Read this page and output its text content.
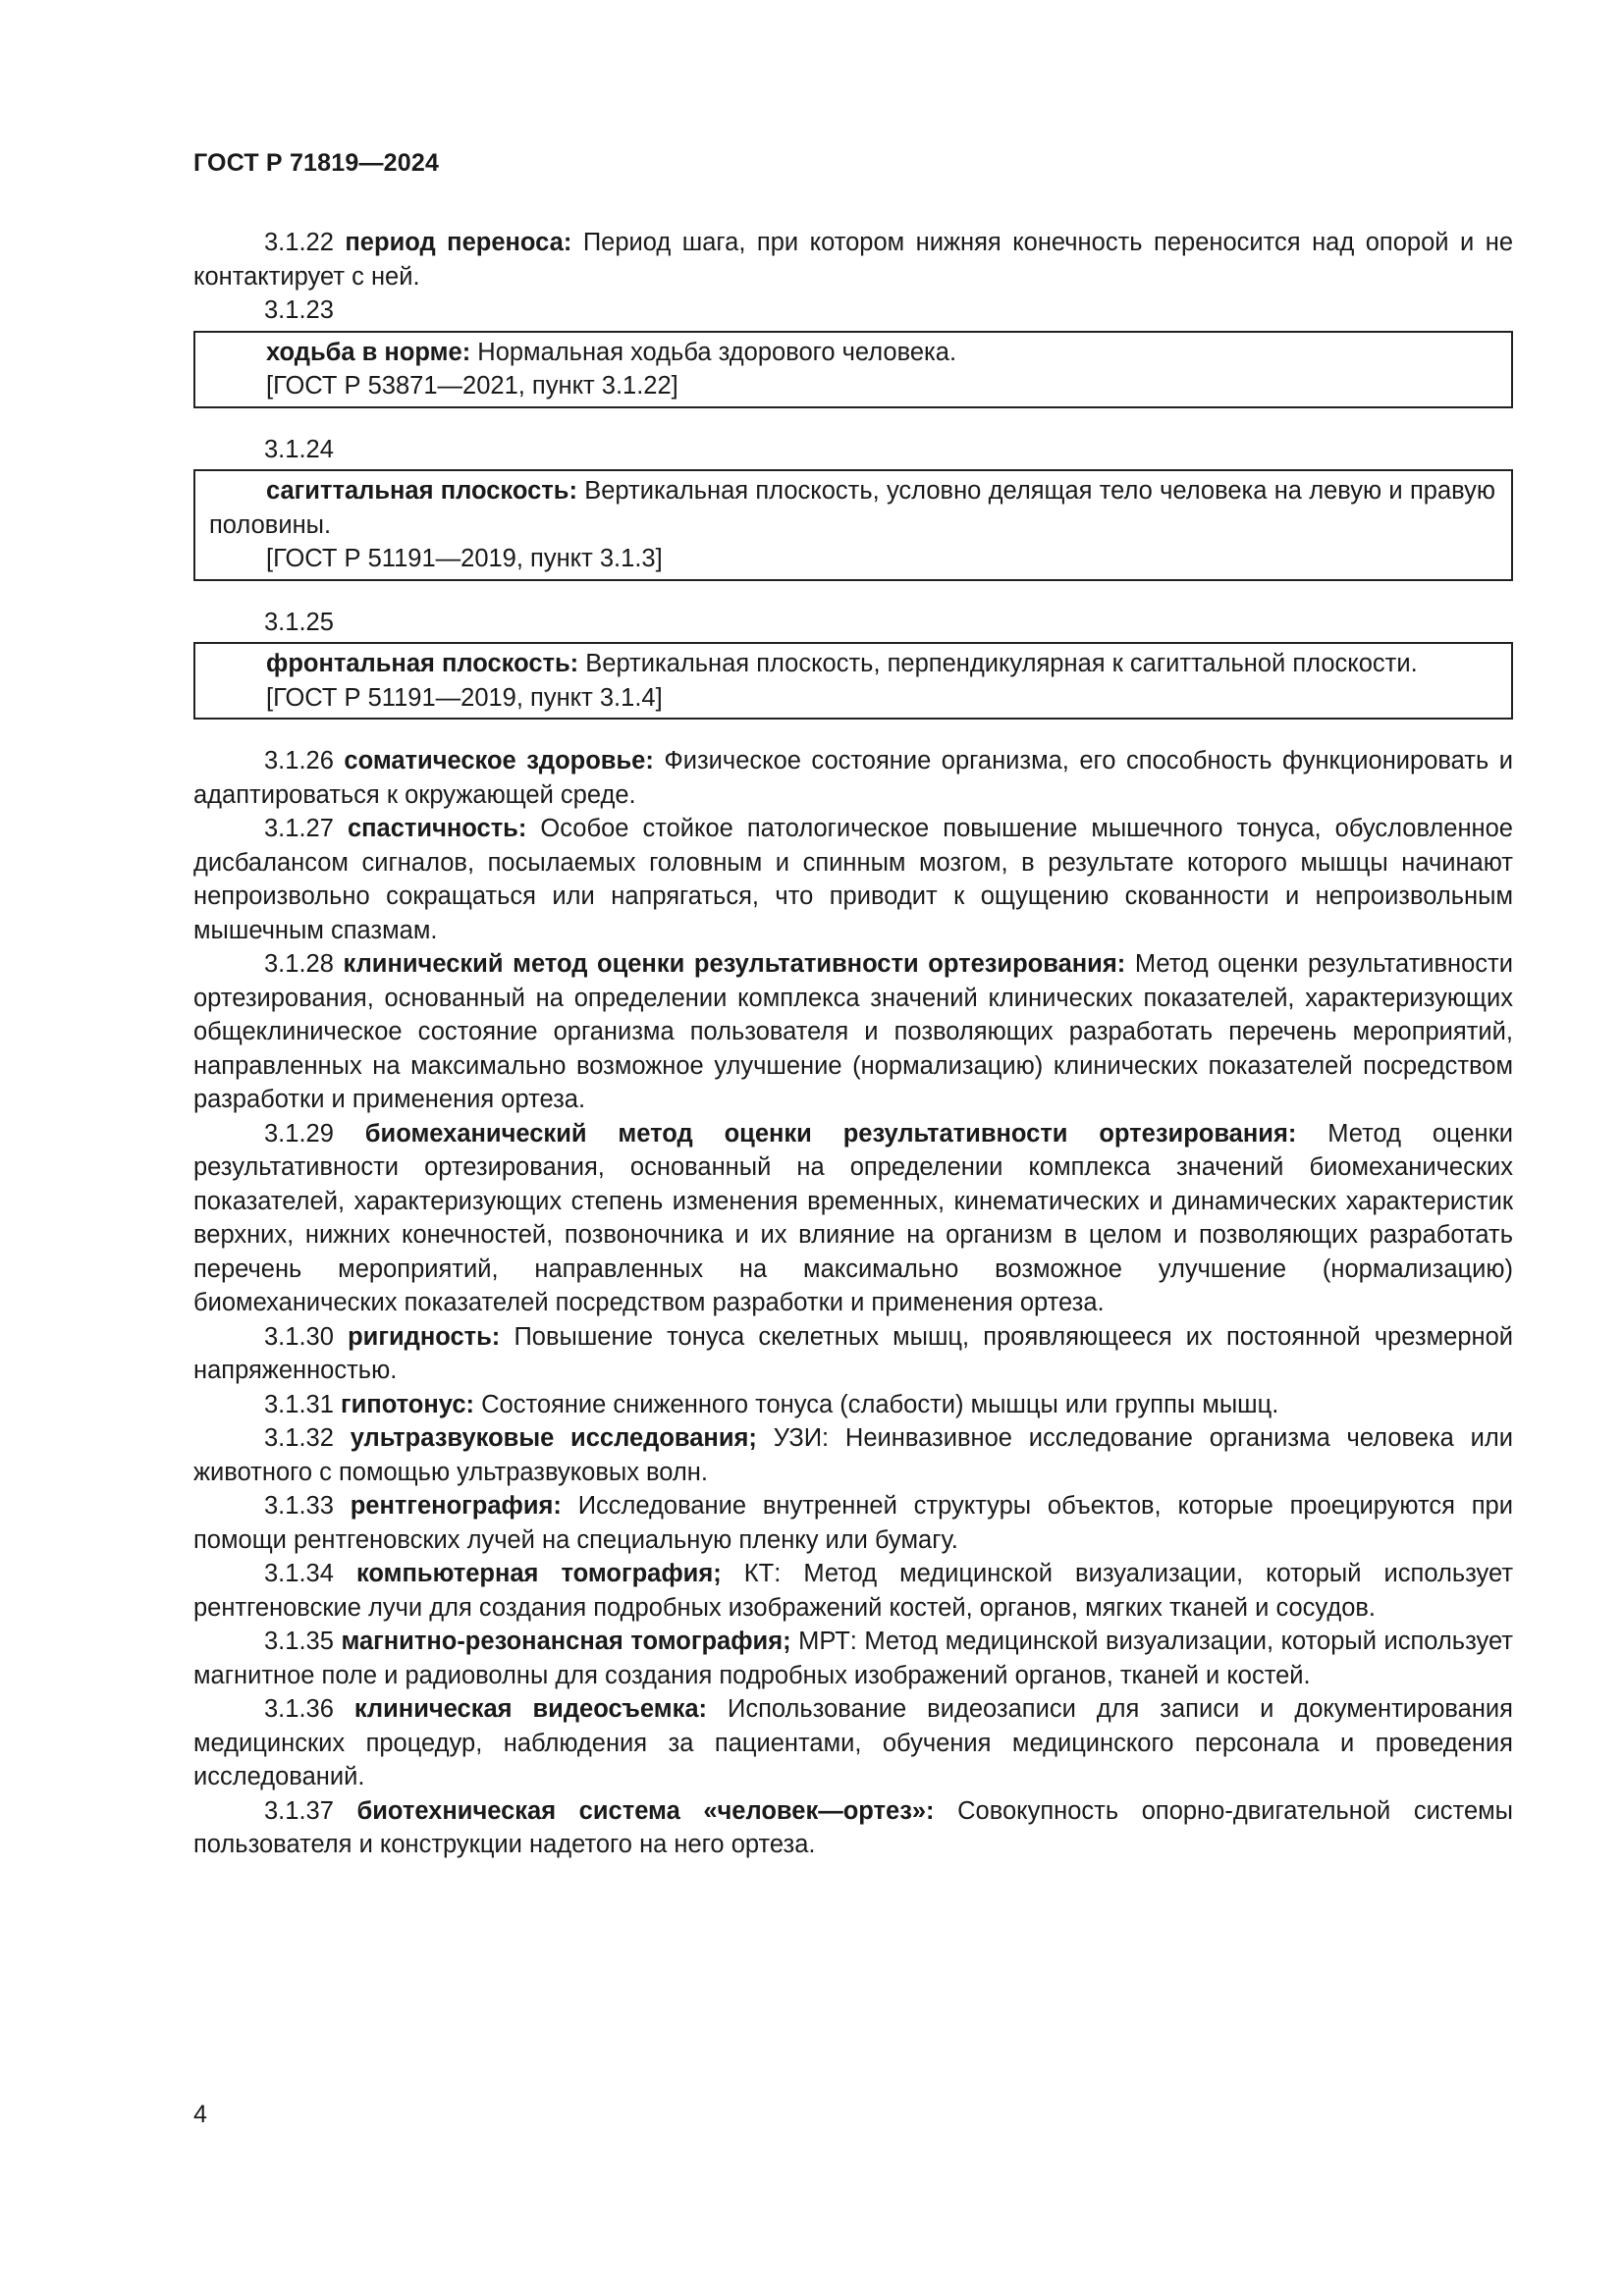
ГОСТ Р 71819—2024

3.1.22 период переноса: Период шага, при котором нижняя конечность переносится над опорой и не контактирует с ней.

3.1.23

ходьба в норме: Нормальная ходьба здорового человека.

[ГОСТ Р 53871—2021, пункт 3.1.22]
3.1.24

сагиттальная плоскость: Вертикальная плоскость, условно делящая тело человека на левую и правую половины.

[ГОСТ Р 51191—2019, пункт 3.1.3]
3.1.25

фронтальная плоскость: Вертикальная плоскость, перпендикулярная к сагиттальной плоскости.

[ГОСТ Р 51191—2019, пункт 3.1.4]

3.1.26 соматическое здоровье: Физическое состояние организма, его способность функционировать и адаптироваться к окружающей среде.

3.1.27 спастичность: Особое стойкое патологическое повышение мышечного тонуса, обусловленное дисбалансом сигналов, посылаемых головным и спинным мозгом, в результате которого мышцы начинают непроизвольно сокращаться или напрягаться, что приводит к ощущению скованности и непроизвольным мышечным спазмам.

3.1.28 клинический метод оценки результативности ортезирования: Метод оценки результативности ортезирования, основанный на определении комплекса значений клинических показателей, характеризующих общеклиническое состояние организма пользователя и позволяющих разработать перечень мероприятий, направленных на максимально возможное улучшение (нормализацию) клинических показателей посредством разработки и применения ортеза.

3.1.29 биомеханический метод оценки результативности ортезирования: Метод оценки результативности ортезирования, основанный на определении комплекса значений биомеханических показателей, характеризующих степень изменения временных, кинематических и динамических характеристик верхних, нижних конечностей, позвоночника и их влияние на организм в целом и позволяющих разработать перечень мероприятий, направленных на максимально возможное улучшение (нормализацию) биомеханических показателей посредством разработки и применения ортеза.

3.1.30 ригидность: Повышение тонуса скелетных мышц, проявляющееся их постоянной чрезмерной напряженностью.

3.1.31 гипотонус: Состояние сниженного тонуса (слабости) мышцы или группы мышц.

3.1.32 ультразвуковые исследования; УЗИ: Неинвазивное исследование организма человека или животного с помощью ультразвуковых волн.

3.1.33 рентгенография: Исследование внутренней структуры объектов, которые проецируются при помощи рентгеновских лучей на специальную пленку или бумагу.

3.1.34 компьютерная томография; КТ: Метод медицинской визуализации, который использует рентгеновские лучи для создания подробных изображений костей, органов, мягких тканей и сосудов.

3.1.35 магнитно-резонансная томография; МРТ: Метод медицинской визуализации, который использует магнитное поле и радиоволны для создания подробных изображений органов, тканей и костей.

3.1.36 клиническая видеосъемка: Использование видеозаписи для записи и документирования медицинских процедур, наблюдения за пациентами, обучения медицинского персонала и проведения исследований.

3.1.37 биотехническая система «человек—ортез»: Совокупность опорно-двигательной системы пользователя и конструкции надетого на него ортеза.

4
